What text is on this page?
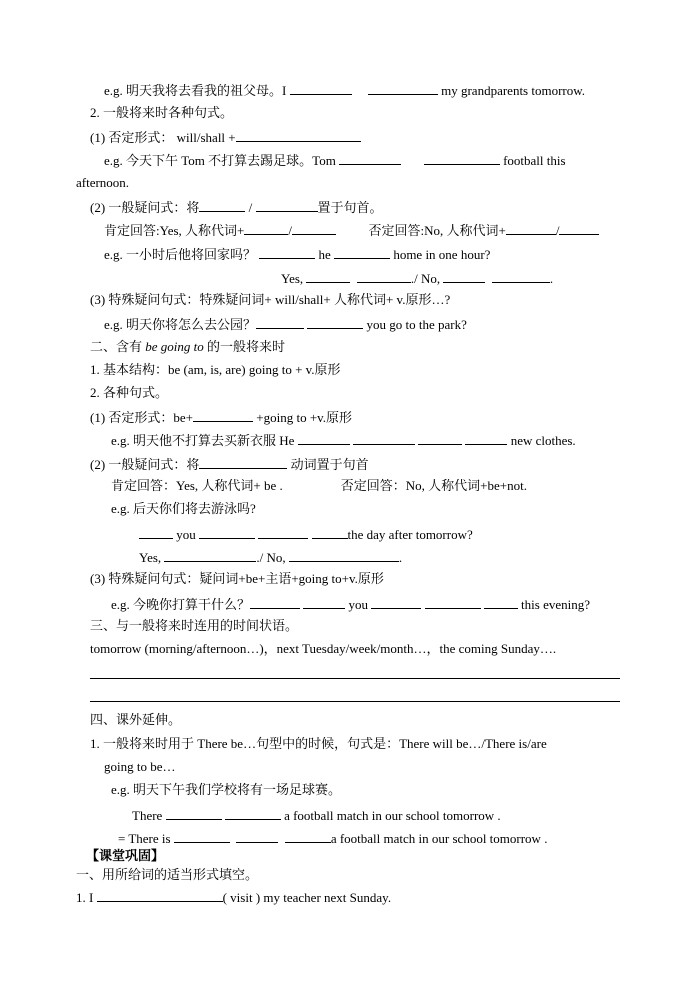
e.g. 明天我将去看我的祖父母。I	my grandparents tomorrow.
2. 一般将来时各种句式。
(1) 否定形式： will/shall +
e.g. 今天下午 Tom 不打算去踢足球。Tom	football this
afternoon.
(2) 一般疑问式：将	/	置于句首。
肯定回答:Yes, 人称代词+	/	否定回答:No, 人称代词+	/
e.g. 一小时后他将回家吗？	he	home in one hour?
Yes,	./ No,	.
(3) 特殊疑问句式：特殊疑问词+ will/shall+ 人称代词+ v.原形…?
e.g. 明天你将怎么去公园？	you go to the park?
二、含有 be going to 的一般将来时
1. 基本结构：be (am, is, are) going to + v.原形
2. 各种句式。
(1) 否定形式：be+	+going to +v.原形
e.g. 明天他不打算去买新衣服 He	new clothes.
(2) 一般疑问式：将	动词置于句首
肯定回答：Yes, 人称代词+ be .	否定回答：No, 人称代词+be+not.
e.g. 后天你们将去游泳吗?
you	the day after tomorrow?
Yes,	./ No,	.
(3) 特殊疑问句式：疑问词+be+主语+going to+v.原形
e.g. 今晚你打算干什么？	you	this evening?
三、与一般将来时连用的时间状语。
tomorrow (morning/afternoon…)，next Tuesday/week/month…，the coming Sunday….
四、课外延伸。
1. 一般将来时用于 There be…句型中的时候，句式是：There will be…/There is/are
going to be…
e.g. 明天下午我们学校将有一场足球赛。
There	a football match in our school tomorrow .
= There is	a football match in our school tomorrow .
【课堂巩固】
一、用所给词的适当形式填空。
1. I	( visit ) my teacher next Sunday.
